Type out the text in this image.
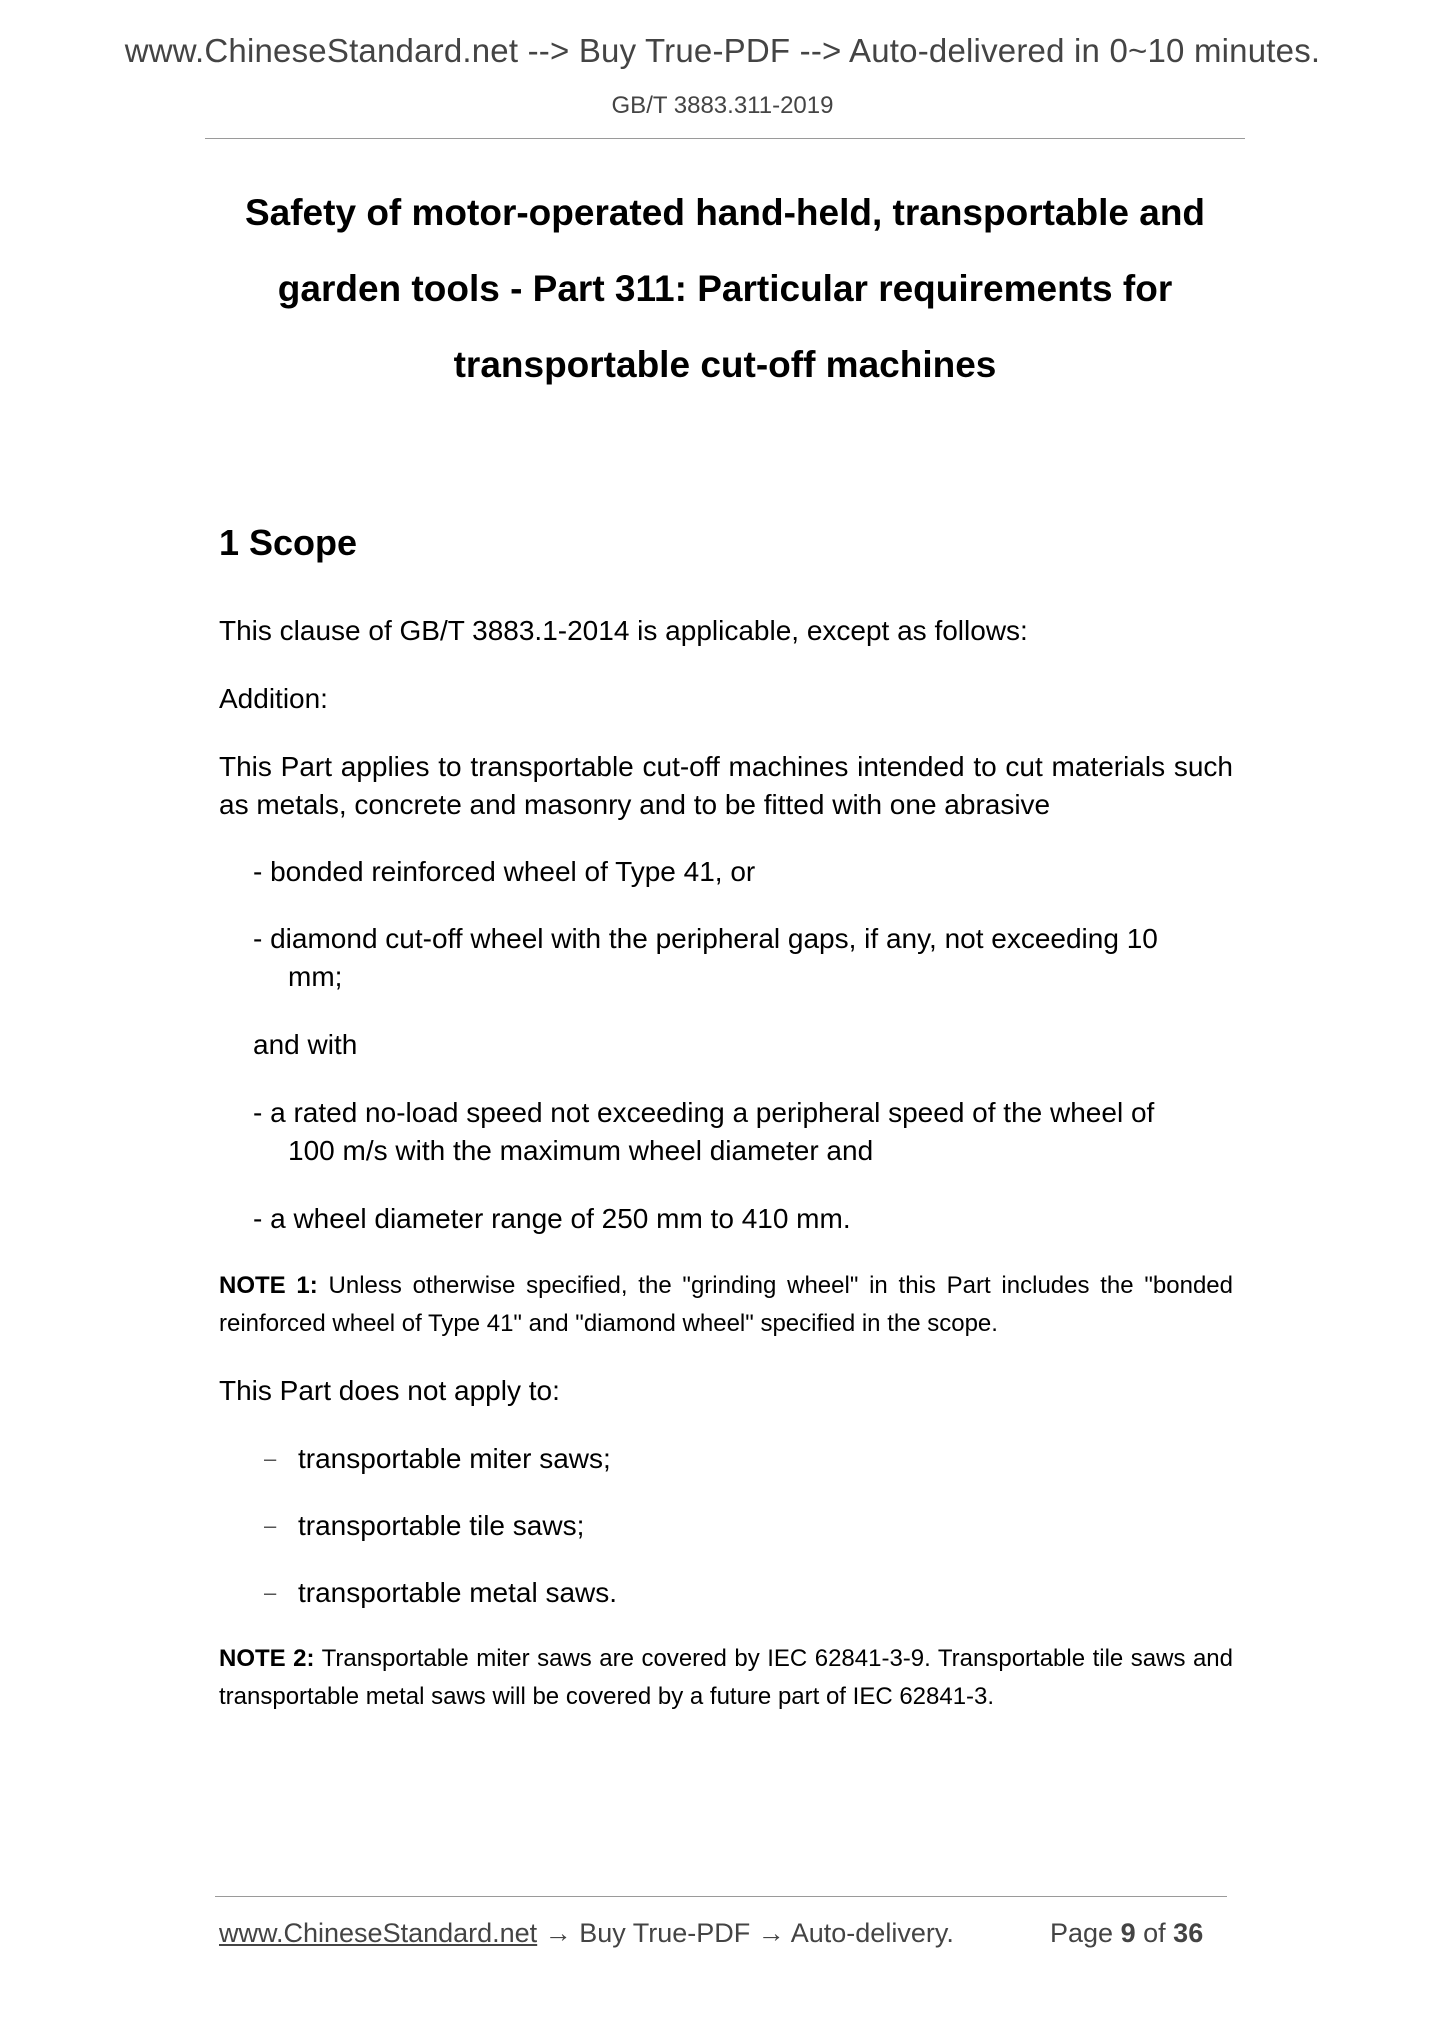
www.ChineseStandard.net --> Buy True-PDF --> Auto-delivered in 0~10 minutes.
GB/T 3883.311-2019
Safety of motor-operated hand-held, transportable and
garden tools - Part 311: Particular requirements for
transportable cut-off machines
1 Scope
This clause of GB/T 3883.1-2014 is applicable, except as follows:
Addition:
This Part applies to transportable cut-off machines intended to cut materials such as metals, concrete and masonry and to be fitted with one abrasive
- bonded reinforced wheel of Type 41, or
- diamond cut-off wheel with the peripheral gaps, if any, not exceeding 10
mm;
and with
- a rated no-load speed not exceeding a peripheral speed of the wheel of
100 m/s with the maximum wheel diameter and
- a wheel diameter range of 250 mm to 410 mm.
NOTE 1: Unless otherwise specified, the "grinding wheel" in this Part includes the "bonded reinforced wheel of Type 41" and "diamond wheel" specified in the scope.
This Part does not apply to:
– transportable miter saws;
– transportable tile saws;
– transportable metal saws.
NOTE 2: Transportable miter saws are covered by IEC 62841-3-9. Transportable tile saws and transportable metal saws will be covered by a future part of IEC 62841-3.
www.ChineseStandard.net → Buy True-PDF → Auto-delivery.	Page 9 of 36
